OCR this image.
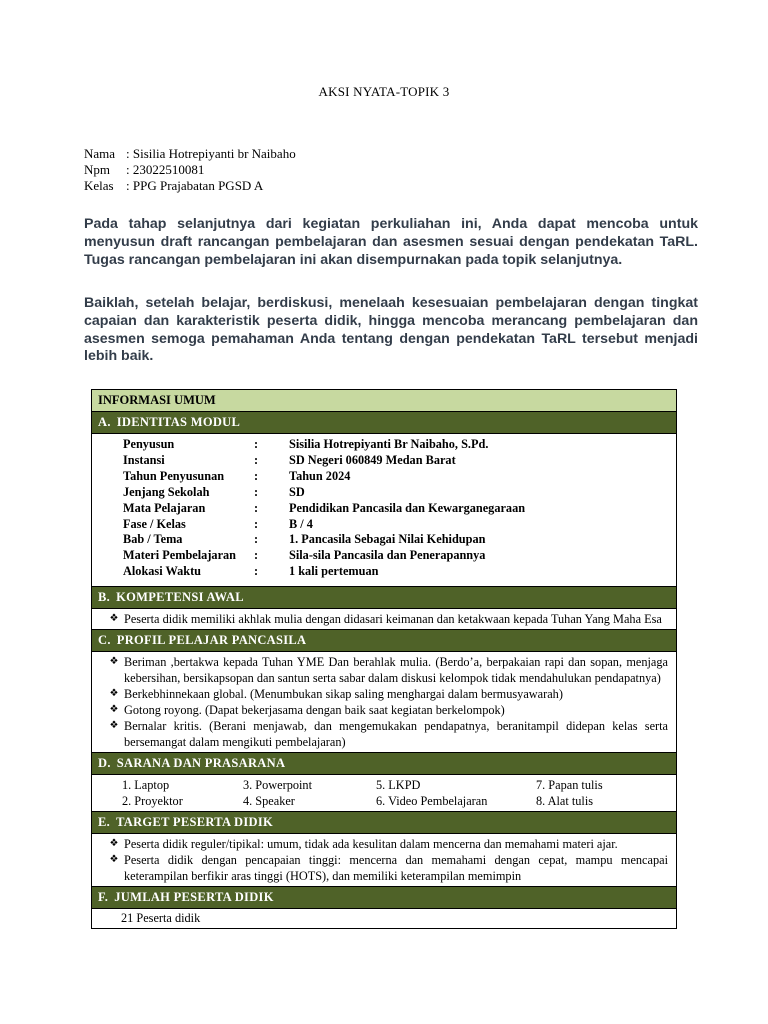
AKSI NYATA-TOPIK 3
Nama : Sisilia Hotrepiyanti br Naibaho
Npm	: 23022510081
Kelas : PPG Prajabatan PGSD A

Pada tahap selanjutnya dari kegiatan perkuliahan ini, Anda dapat mencoba untuk menyusun draft rancangan pembelajaran dan asesmen sesuai dengan pendekatan TaRL. Tugas rancangan pembelajaran ini akan disempurnakan pada topik selanjutnya.

Baiklah, setelah belajar, berdiskusi, menelaah kesesuaian pembelajaran dengan tingkat capaian dan karakteristik peserta didik, hingga mencoba merancang pembelajaran dan asesmen semoga pemahaman Anda tentang dengan pendekatan TaRL tersebut menjadi lebih baik.

INFORMASI UMUM
A. IDENTITAS MODUL
Penyusun	:	Sisilia Hotrepiyanti Br Naibaho, S.Pd.
Instansi	:	SD Negeri 060849 Medan Barat
Tahun Penyusunan	:	Tahun 2024
Jenjang Sekolah	:	SD
Mata Pelajaran	:	Pendidikan Pancasila dan Kewarganegaraan
Fase / Kelas	:	B / 4
Bab / Tema	:	1. Pancasila Sebagai Nilai Kehidupan
Materi Pembelajaran	:	Sila-sila Pancasila dan Penerapannya
Alokasi Waktu	:	1 kali pertemuan
B. KOMPETENSI AWAL
❖ Peserta didik memiliki akhlak mulia dengan didasari keimanan dan ketakwaan kepada Tuhan Yang Maha Esa
C. PROFIL PELAJAR PANCASILA
❖ Beriman ,bertakwa kepada Tuhan YME Dan berahlak mulia. (Berdo’a, berpakaian rapi dan sopan, menjaga kebersihan, bersikapsopan dan santun serta sabar dalam diskusi kelompok tidak mendahulukan pendapatnya)
❖ Berkebhinnekaan global. (Menumbukan sikap saling menghargai dalam bermusyawarah)
❖ Gotong royong. (Dapat bekerjasama dengan baik saat kegiatan berkelompok)
❖ Bernalar kritis. (Berani menjawab, dan mengemukakan pendapatnya, beranitampil didepan kelas serta bersemangat dalam mengikuti pembelajaran)
D. SARANA DAN PRASARANA
1. Laptop	3. Powerpoint	5. LKPD	7. Papan tulis
2. Proyektor	4. Speaker	6. Video Pembelajaran	8. Alat tulis
E. TARGET PESERTA DIDIK
❖ Peserta didik reguler/tipikal: umum, tidak ada kesulitan dalam mencerna dan memahami materi ajar.
❖ Peserta didik dengan pencapaian tinggi: mencerna dan memahami dengan cepat, mampu mencapai keterampilan berfikir aras tinggi (HOTS), dan memiliki keterampilan memimpin
F. JUMLAH PESERTA DIDIK
21 Peserta didik
